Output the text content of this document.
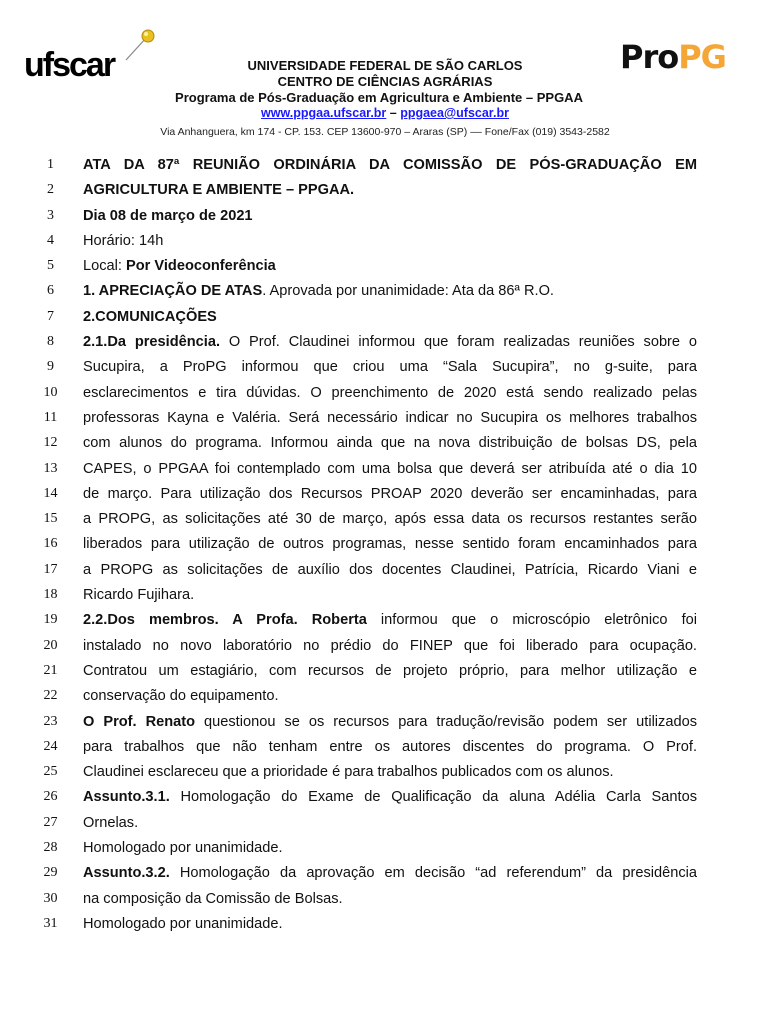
ufscar	ProPG
UNIVERSIDADE FEDERAL DE SÃO CARLOS
CENTRO DE CIÊNCIAS AGRÁRIAS
Programa de Pós-Graduação em Agricultura e Ambiente – PPGAA
www.ppgaa.ufscar.br – ppgaea@ufscar.br
Via Anhanguera, km 174 - CP. 153. CEP 13600-970 – Araras (SP) –– Fone/Fax (019) 3543-2582
1	ATA DA 87ª REUNIÃO ORDINÁRIA DA COMISSÃO DE PÓS-GRADUAÇÃO EM
2	AGRICULTURA E AMBIENTE – PPGAA.
3	Dia 08 de março de 2021
4	Horário: 14h
5	Local: Por Videoconferência
6	1. APRECIAÇÃO DE ATAS. Aprovada por unanimidade: Ata da 86ª R.O.
7	2.COMUNICAÇÕES
8	2.1.Da presidência. O Prof. Claudinei informou que foram realizadas reuniões sobre o
9	Sucupira, a ProPG informou que criou uma “Sala Sucupira”, no g-suite, para
10	esclarecimentos e tira dúvidas. O preenchimento de 2020 está sendo realizado pelas
11	professoras Kayna e Valéria. Será necessário indicar no Sucupira os melhores trabalhos
12	com alunos do programa. Informou ainda que na nova distribuição de bolsas DS, pela
13	CAPES, o PPGAA foi contemplado com uma bolsa que deverá ser atribuída até o dia 10
14	de março. Para utilização dos Recursos PROAP 2020 deverão ser encaminhadas, para
15	a PROPG, as solicitações até 30 de março, após essa data os recursos restantes serão
16	liberados para utilização de outros programas, nesse sentido foram encaminhados para
17	a PROPG as solicitações de auxílio dos docentes Claudinei, Patrícia, Ricardo Viani e
18	Ricardo Fujihara.
19	2.2.Dos membros. A Profa. Roberta informou que o microscópio eletrônico foi
20	instalado no novo laboratório no prédio do FINEP que foi liberado para ocupação.
21	Contratou um estagiário, com recursos de projeto próprio, para melhor utilização e
22	conservação do equipamento.
23	O Prof. Renato questionou se os recursos para tradução/revisão podem ser utilizados
24	para trabalhos que não tenham entre os autores discentes do programa. O Prof.
25	Claudinei esclareceu que a prioridade é para trabalhos publicados com os alunos.
26	Assunto.3.1. Homologação do Exame de Qualificação da aluna Adélia Carla Santos
27	Ornelas.
28	Homologado por unanimidade.
29	Assunto.3.2. Homologação da aprovação em decisão “ad referendum” da presidência
30	na composição da Comissão de Bolsas.
31	Homologado por unanimidade.
